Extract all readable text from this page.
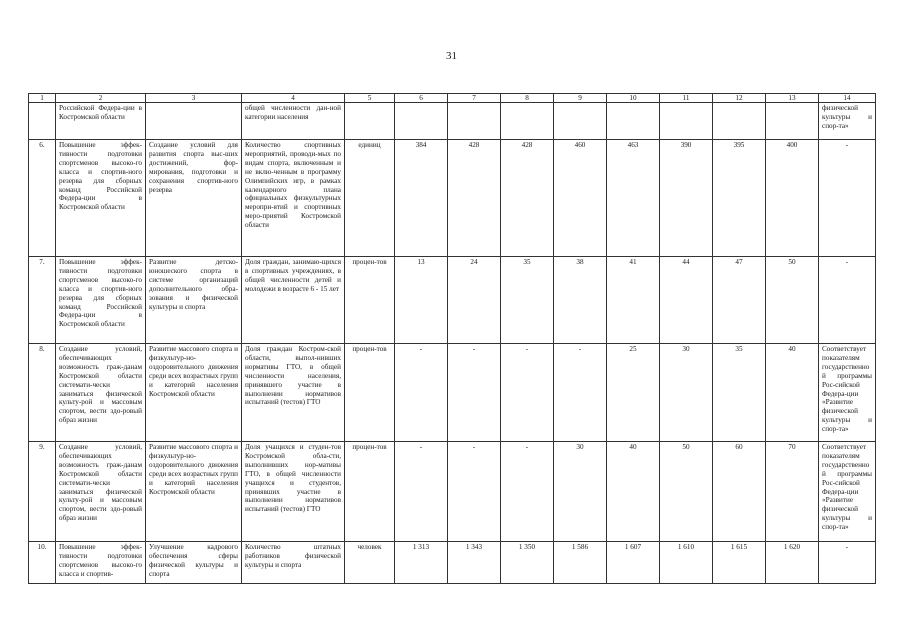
31
1	2	3	4	5	6	7	8	9	10	11	12	13	14
	Российской Федера-ции в Костромской области		общей численности дан-ной категории населения										физической культуры и спор-та»
6.	Повышение эффек-тивности подготовки спортсменов высоко-го класса и спортив-ного резерва для сборных команд Российской Федера-ции в Костромской области	Создание условий для развития спорта выс-ших достижений, фор-мирования, подготовки и сохранения спортив-ного резерва	Количество спортивных мероприятий, проводи-мых по видам спорта, включенным и не вклю-ченным в программу Олимпийских игр, в рамках календарного плана официальных физкультурных меропри-ятий и спортивных меро-приятий Костромской области	единиц	384	428	428	460	463	390	395	400	-
7.	Повышение эффек-тивности подготовки спортсменов высоко-го класса и спортив-ного резерва для сборных команд Российской Федера-ции в Костромской области	Развитие детско-юношеского спорта в системе организаций дополнительного обра-зования и физической культуры и спорта	Доля граждан, занимаю-щихся в спортивных учреждениях, в общей численности детей и молодежи в возрасте 6 - 15 лет	процен-тов	13	24	35	38	41	44	47	50	-
8.	Создание условий, обеспечивающих возможность граж-данам Костромской области системати-чески заниматься физической культу-рой и массовым спортом, вести здо-ровый образ жизни	Развитие массового спорта и физкультур-но-оздоровительного движения среди всех возрастных групп и категорий населения Костромской области	Доля граждан Костром-ской области, выпол-нивших нормативы ГТО, в общей численности населения, принявшего участие в выполнении нормативов испытаний (тестов) ГТО	процен-тов	-	-	-	-	25	30	35	40	Соответствует показателям государственной программы Рос-сийской Федера-ции «Развитие физической культуры и спор-та»
9.	Создание условий, обеспечивающих возможность граж-данам Костромской области системати-чески заниматься физической культу-рой и массовым спортом, вести здо-ровый образ жизни	Развитие массового спорта и физкультур-но-оздоровительного движения среди всех возрастных групп и категорий населения Костромской области	Доля учащихся и студен-тов Костромской обла-сти, выполнивших нор-мативы ГТО, в общей численности учащихся и студентов, принявших участие в выполнении нормативов испытаний (тестов) ГТО	процен-тов	-	-	-	30	40	50	60	70	Соответствует показателям государственной программы Рос-сийской Федера-ции «Развитие физической культуры и спор-та»
10.	Повышение эффек-тивности подготовки спортсменов высоко-го класса и спортив-	Улучшение кадрового обеспечения сферы физической культуры и спорта	Количество штатных работников физической культуры и спорта	человек	1 313	1 343	1 350	1 586	1 607	1 610	1 615	1 620	-
